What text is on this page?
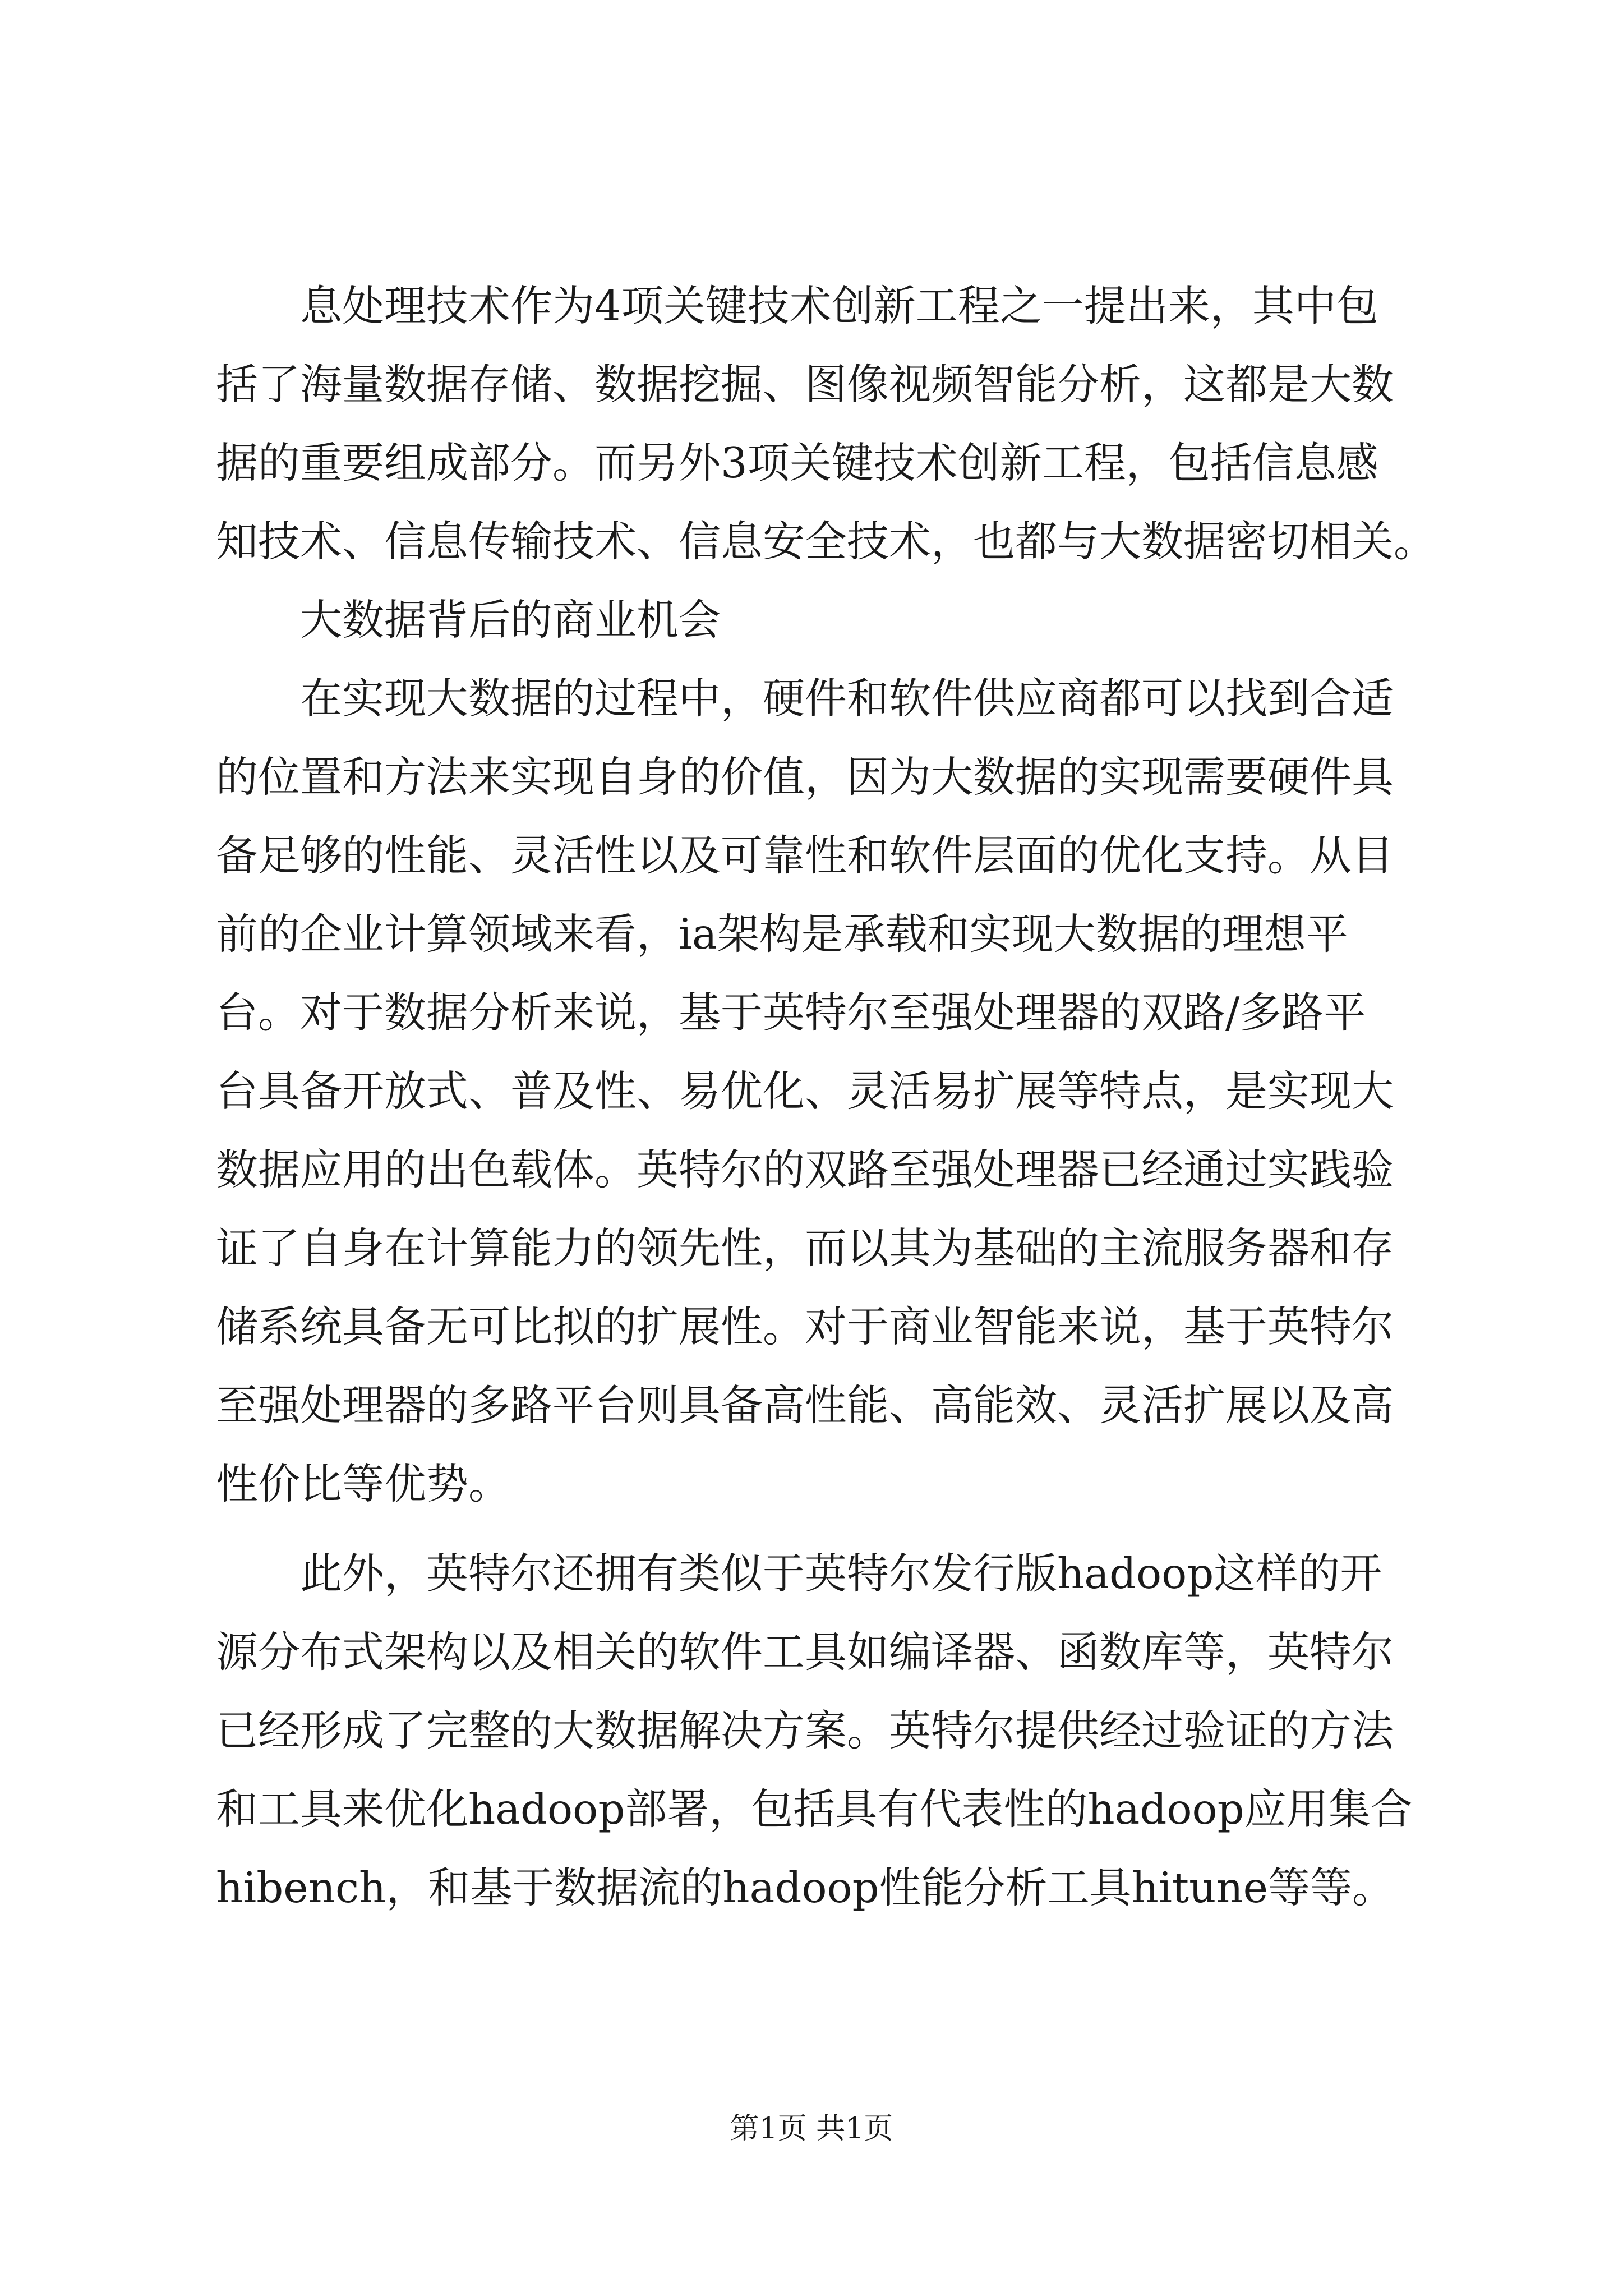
　　息处理技术作为4项关键技术创新工程之一提出来，其中包
括了海量数据存储、数据挖掘、图像视频智能分析，这都是大数
据的重要组成部分。而另外3项关键技术创新工程，包括信息感
知技术、信息传输技术、信息安全技术，也都与大数据密切相关。
　　大数据背后的商业机会
　　在实现大数据的过程中，硬件和软件供应商都可以找到合适
的位置和方法来实现自身的价值，因为大数据的实现需要硬件具
备足够的性能、灵活性以及可靠性和软件层面的优化支持。从目
前的企业计算领域来看，ia架构是承载和实现大数据的理想平
台。对于数据分析来说，基于英特尔至强处理器的双路/多路平
台具备开放式、普及性、易优化、灵活易扩展等特点，是实现大
数据应用的出色载体。英特尔的双路至强处理器已经通过实践验
证了自身在计算能力的领先性，而以其为基础的主流服务器和存
储系统具备无可比拟的扩展性。对于商业智能来说，基于英特尔
至强处理器的多路平台则具备高性能、高能效、灵活扩展以及高
性价比等优势。
　　此外，英特尔还拥有类似于英特尔发行版hadoop这样的开
源分布式架构以及相关的软件工具如编译器、函数库等，英特尔
已经形成了完整的大数据解决方案。英特尔提供经过验证的方法
和工具来优化hadoop部署，包括具有代表性的hadoop应用集合
hibench，和基于数据流的hadoop性能分析工具hitune等等。
第1页 共1页
